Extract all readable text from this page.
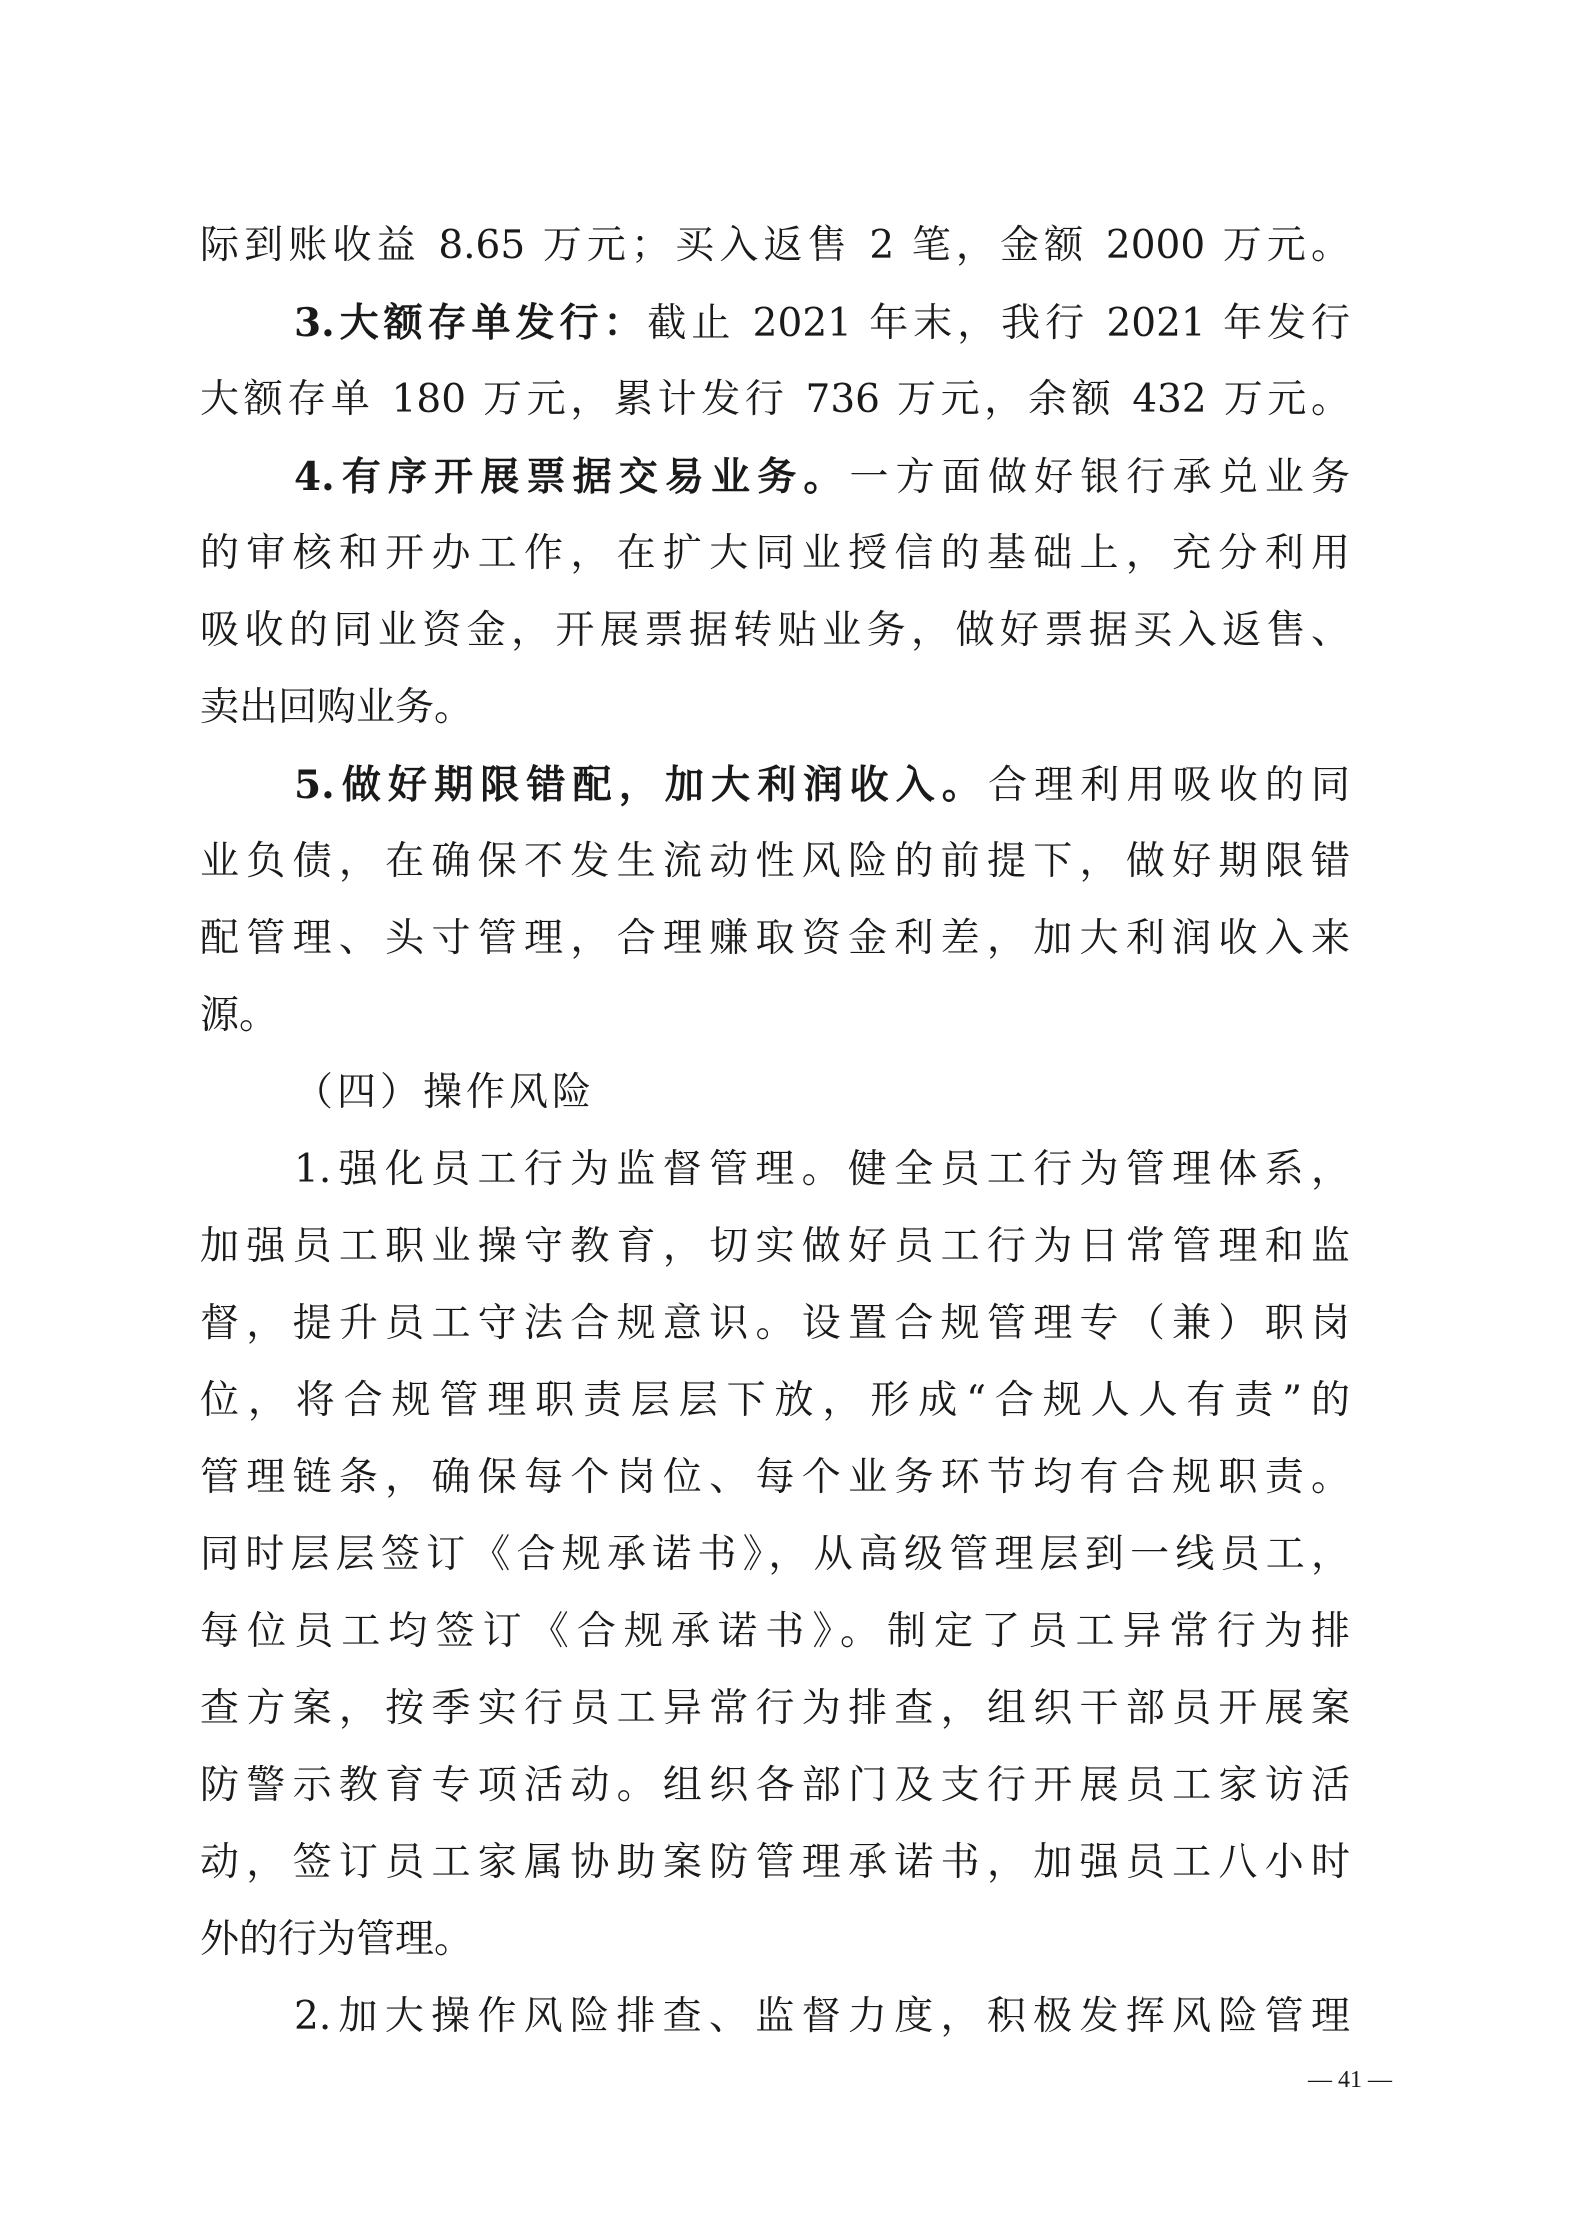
际到账收益 8.65 万元；买入返售 2 笔，金额 2000 万元。
3.大额存单发行：截止 2021 年末，我行 2021 年发行
大额存单 180 万元，累计发行 736 万元，余额 432 万元。
4.有序开展票据交易业务。一方面做好银行承兑业务
的审核和开办工作，在扩大同业授信的基础上，充分利用
吸收的同业资金，开展票据转贴业务，做好票据买入返售、
卖出回购业务。
5.做好期限错配，加大利润收入。合理利用吸收的同
业负债，在确保不发生流动性风险的前提下，做好期限错
配管理、头寸管理，合理赚取资金利差，加大利润收入来
源。
（四）操作风险
1.强化员工行为监督管理。健全员工行为管理体系，
加强员工职业操守教育，切实做好员工行为日常管理和监
督，提升员工守法合规意识。设置合规管理专（兼）职岗
位，将合规管理职责层层下放，形成“合规人人有责”的
管理链条，确保每个岗位、每个业务环节均有合规职责。
同时层层签订《合规承诺书》，从高级管理层到一线员工，
每位员工均签订《合规承诺书》。制定了员工异常行为排
查方案，按季实行员工异常行为排查，组织干部员开展案
防警示教育专项活动。组织各部门及支行开展员工家访活
动，签订员工家属协助案防管理承诺书，加强员工八小时
外的行为管理。
2.加大操作风险排查、监督力度，积极发挥风险管理
— 41 —
